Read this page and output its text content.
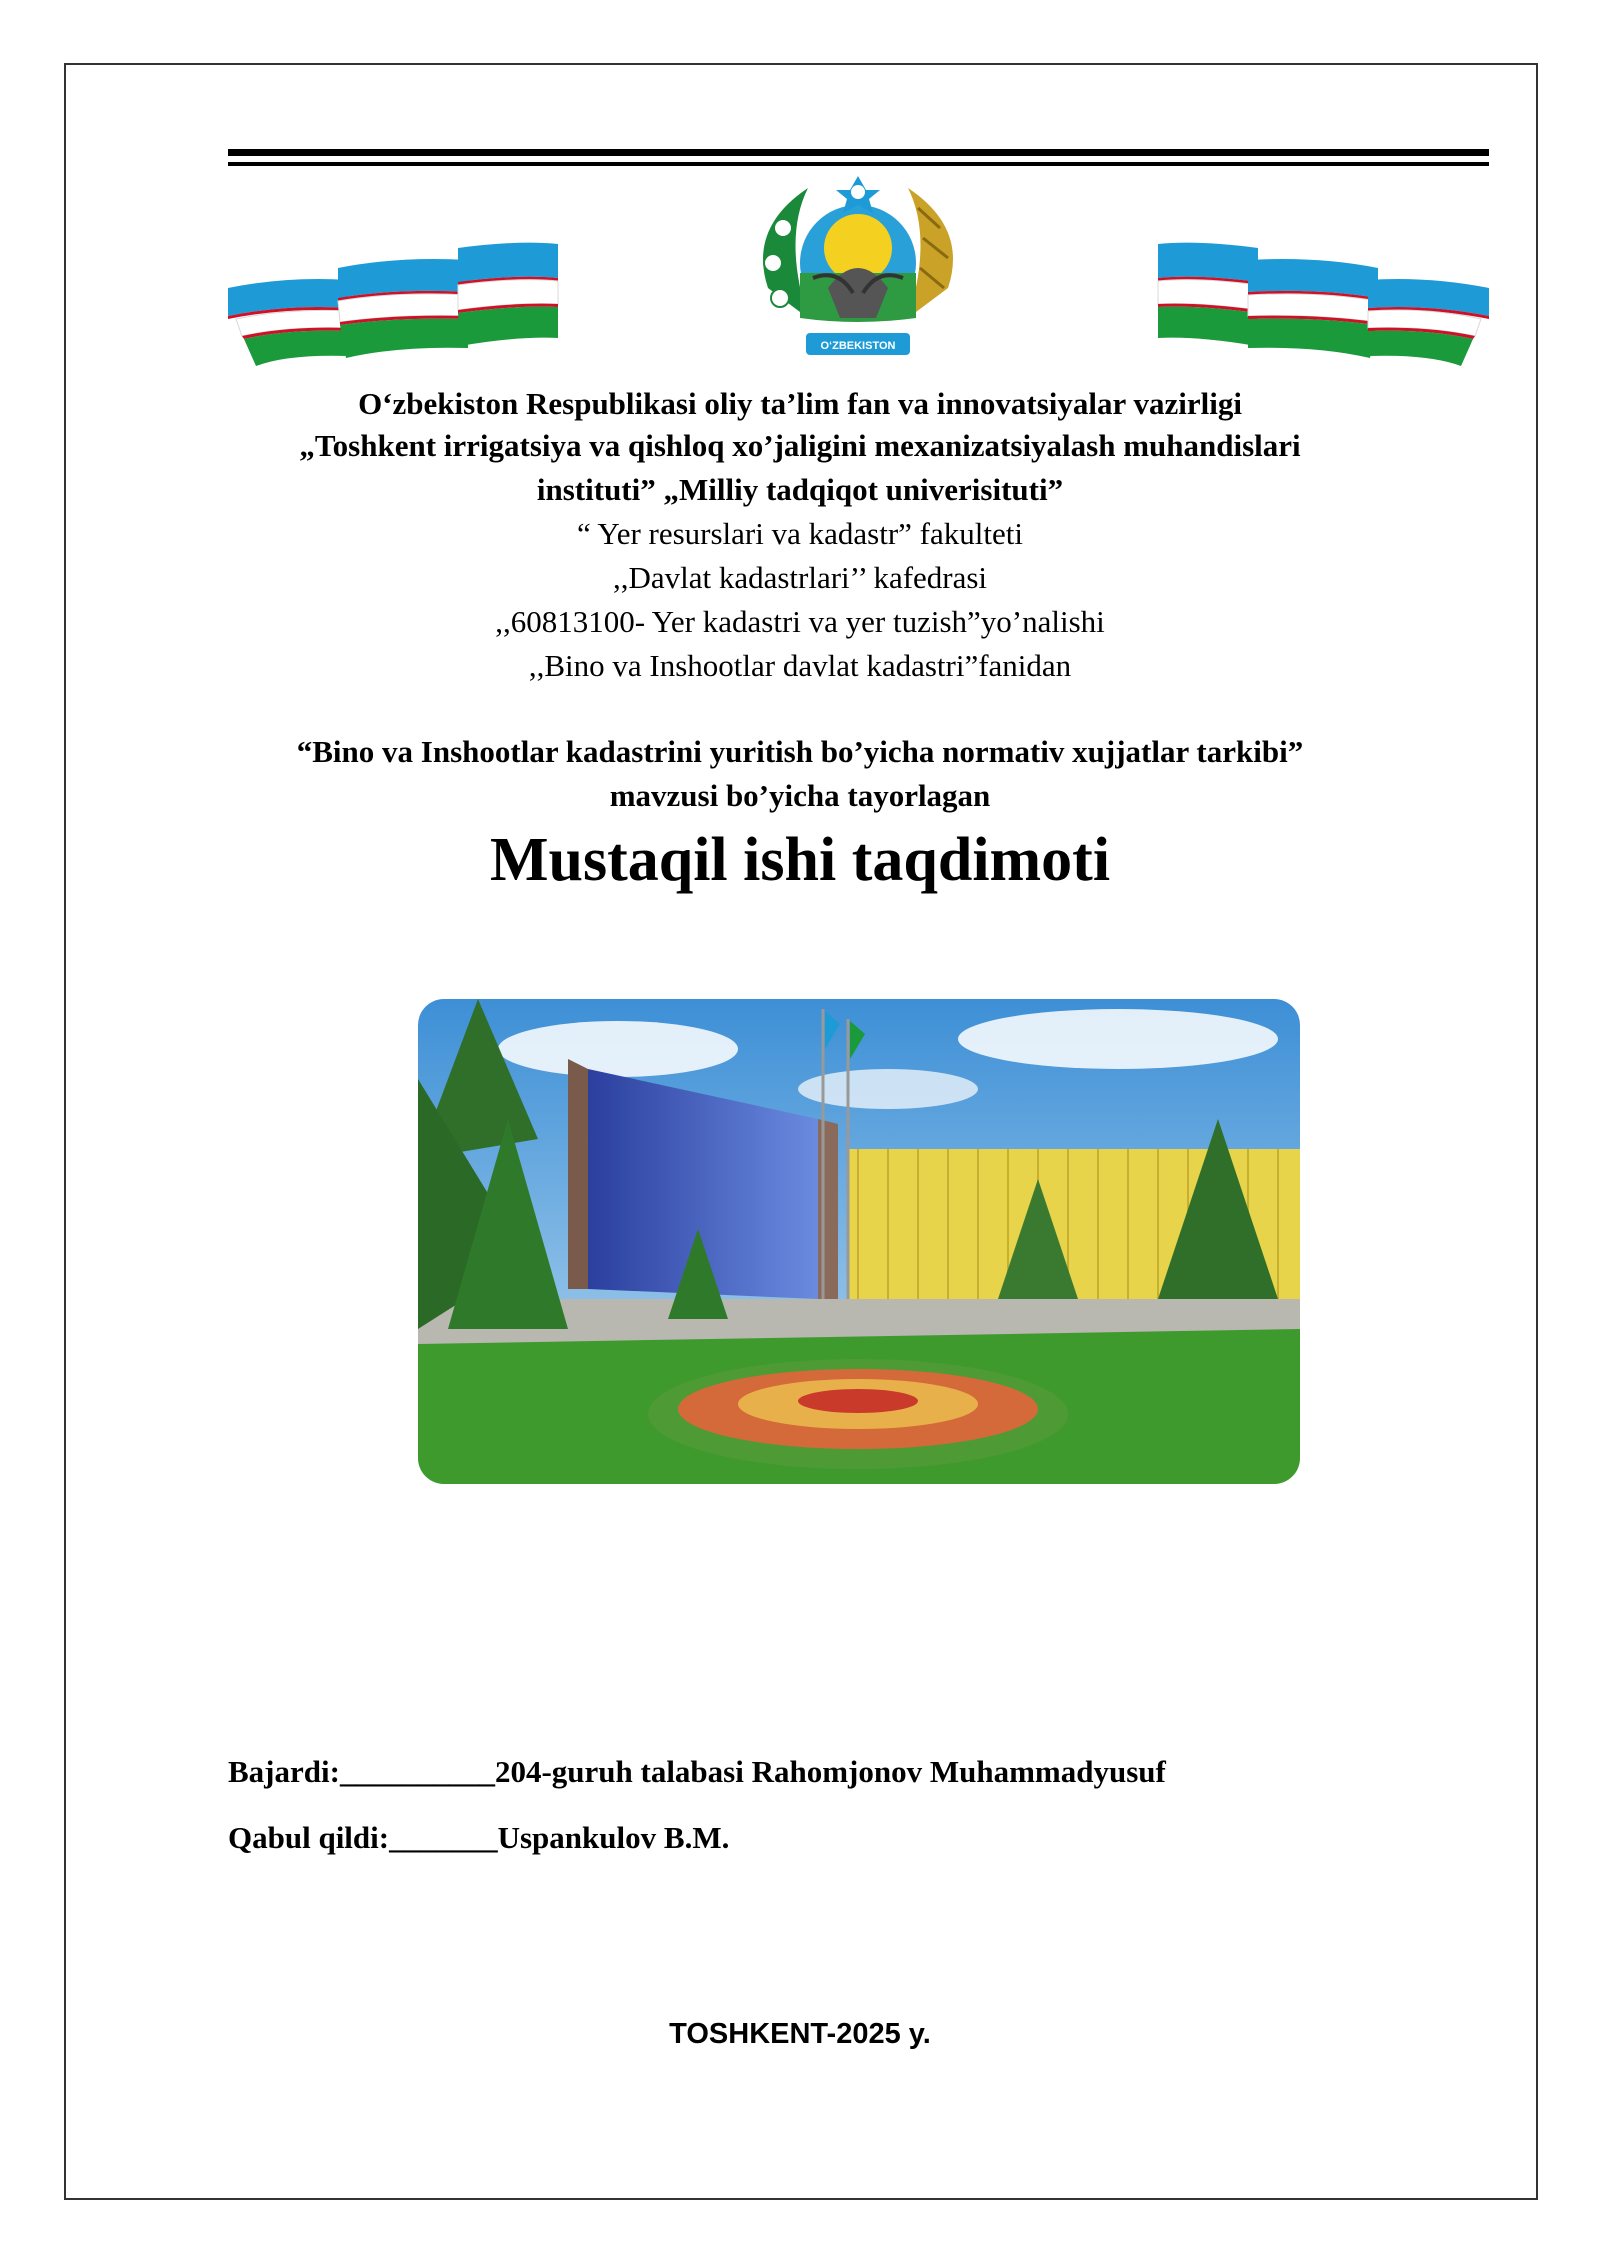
O‘ZBEKISTON
O‘zbekiston Respublikasi oliy ta’lim fan va innovatsiyalar vazirligi
„Toshkent irrigatsiya va qishloq xo’jaligini mexanizatsiyalash muhandislari
instituti” „Milliy tadqiqot univerisituti”
“ Yer resurslari va kadastr” fakulteti
,,Davlat kadastrlari’’ kafedrasi
,,60813100- Yer kadastri va yer tuzish”yo’nalishi
,,Bino va Inshootlar davlat kadastri”fanidan
“Bino va Inshootlar kadastrini yuritish bo’yicha normativ xujjatlar tarkibi”
mavzusi bo’yicha tayorlagan
Mustaqil ishi taqdimoti
Bajardi:__________204-guruh talabasi Rahomjonov Muhammadyusuf
Qabul qildi:_______Uspankulov B.M.
TOSHKENT-2025 y.
